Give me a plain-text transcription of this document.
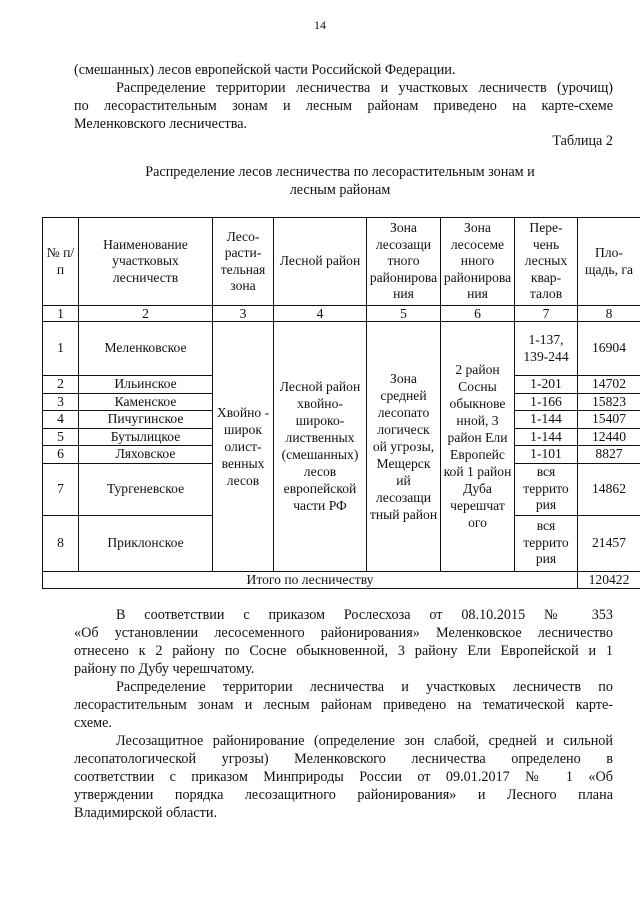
14
(смешанных) лесов европейской части Российской Федерации.
Распределение территории лесничества и участковых лесничеств (урочищ)
по лесорастительным зонам и лесным районам приведено на карте-схеме
Меленковского лесничества.
Таблица 2
Распределение лесов лесничества по лесорастительным зонам и
лесным районам
№ п/п	Наименование участковых лесничеств	Лесо-расти-тельная зона	Лесной район	Зона лесозащи тного районирова ния	Зона лесосеме нного районирова ния	Пере-чень лесных квар-талов	Пло-щадь, га
1	2	3	4	5	6	7	8
1	Меленковское	Хвойно - широк олист-венных лесов	Лесной район хвойно-широко-лиственных (смешанных) лесов европейской части РФ	Зона средней лесопато логическ ой угрозы, Мещерск ий лесозащи тный район	2 район Сосны обыкнове нной, 3 район Ели Европейс кой 1 район Дуба черешчат ого	1-137, 139-244	16904
2	Ильинское					1-201	14702
3	Каменское					1-166	15823
4	Пичугинское					1-144	15407
5	Бутылицкое					1-144	12440
6	Ляховское					1-101	8827
7	Тургеневское					вся террито рия	14862
8	Приклонское					вся террито рия	21457
Итого по лесничеству							120422
В соответствии с приказом Рослесхоза от 08.10.2015 № 353
«Об установлении лесосеменного районирования» Меленковское лесничество
отнесено к 2 району по Сосне обыкновенной, 3 району Ели Европейской и 1
району по Дубу черешчатому.
Распределение территории лесничества и участковых лесничеств по
лесорастительным зонам и лесным районам приведено на тематической карте-
схеме.
Лесозащитное районирование (определение зон слабой, средней и сильной
лесопатологической угрозы) Меленковского лесничества определено в
соответствии с приказом Минприроды России от 09.01.2017 № 1 «Об
утверждении порядка лесозащитного районирования» и Лесного плана
Владимирской области.
